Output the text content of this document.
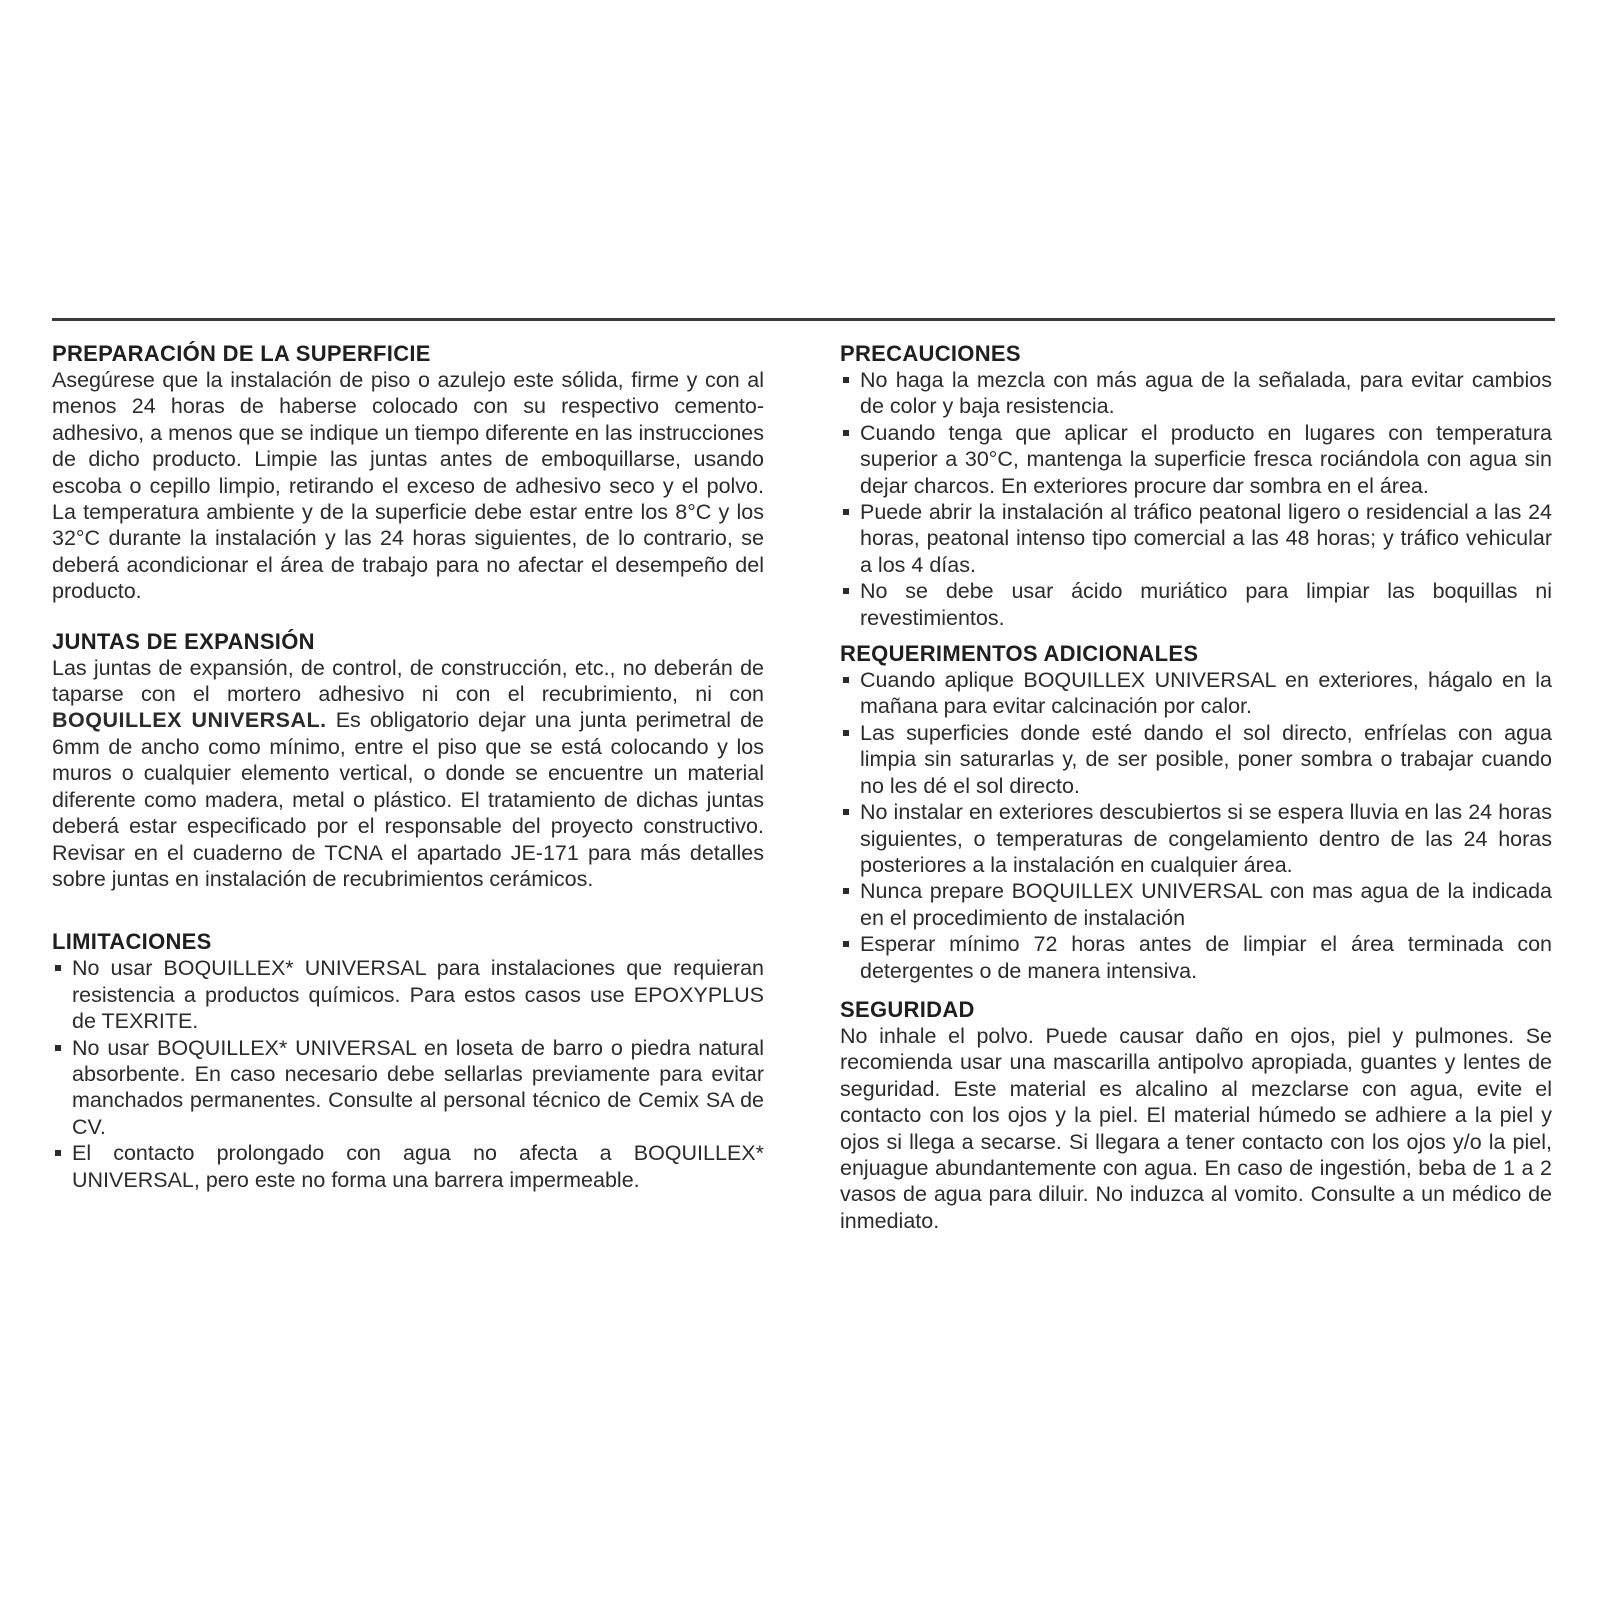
PREPARACIÓN DE LA SUPERFICIE

Asegúrese que la instalación de piso o azulejo este sólida, firme y con al menos 24 horas de haberse colocado con su respectivo cemento- adhesivo, a menos que se indique un tiempo diferente en las instrucciones de dicho producto. Limpie las juntas antes de emboquillarse, usando escoba o cepillo limpio, retirando el exceso de adhesivo seco y el polvo. La temperatura ambiente y de la superficie debe estar entre los 8°C y los 32°C durante la instalación y las 24 horas siguientes, de lo contrario, se deberá acondicionar el área de trabajo para no afectar el desempeño del producto.

JUNTAS DE EXPANSIÓN

Las juntas de expansión, de control, de construcción, etc., no deberán de taparse con el mortero adhesivo ni con el recubrimiento, ni con BOQUILLEX UNIVERSAL. Es obligatorio dejar una junta perimetral de 6mm de ancho como mínimo, entre el piso que se está colocando y los muros o cualquier elemento vertical, o donde se encuentre un material diferente como madera, metal o plástico. El tratamiento de dichas juntas deberá estar especificado por el responsable del proyecto constructivo. Revisar en el cuaderno de TCNA el apartado JE-171 para más detalles sobre juntas en instalación de recubrimientos cerámicos.

LIMITACIONES
No usar BOQUILLEX* UNIVERSAL para instalaciones que requieran resistencia a productos químicos. Para estos casos use EPOXYPLUS de TEXRITE.
No usar BOQUILLEX* UNIVERSAL en loseta de barro o piedra natural absorbente. En caso necesario debe sellarlas previamente para evitar manchados permanentes. Consulte al personal técnico de Cemix SA de CV.
El contacto prolongado con agua no afecta a BOQUILLEX* UNIVERSAL, pero este no forma una barrera impermeable.
PRECAUCIONES
No haga la mezcla con más agua de la señalada, para evitar cambios de color y baja resistencia.
Cuando tenga que aplicar el producto en lugares con temperatura superior a 30°C, mantenga la superficie fresca rociándola con agua sin dejar charcos. En exteriores procure dar sombra en el área.
Puede abrir la instalación al tráfico peatonal ligero o residencial a las 24 horas, peatonal intenso tipo comercial a las 48 horas; y tráfico vehicular a los 4 días.
No se debe usar ácido muriático para limpiar las boquillas ni revestimientos.
REQUERIMENTOS ADICIONALES
Cuando aplique BOQUILLEX UNIVERSAL en exteriores, hágalo en la mañana para evitar calcinación por calor.
Las superficies donde esté dando el sol directo, enfríelas con agua limpia sin saturarlas y, de ser posible, poner sombra o trabajar cuando no les dé el sol directo.
No instalar en exteriores descubiertos si se espera lluvia en las 24 horas siguientes, o temperaturas de congelamiento dentro de las 24 horas posteriores a la instalación en cualquier área.
Nunca prepare BOQUILLEX UNIVERSAL con mas agua de la indicada en el procedimiento de instalación
Esperar mínimo 72 horas antes de limpiar el área terminada con detergentes o de manera intensiva.
SEGURIDAD

No inhale el polvo. Puede causar daño en ojos, piel y pulmones. Se recomienda usar una mascarilla antipolvo apropiada, guantes y lentes de seguridad. Este material es alcalino al mezclarse con agua, evite el contacto con los ojos y la piel. El material húmedo se adhiere a la piel y ojos si llega a secarse. Si llegara a tener contacto con los ojos y/o la piel, enjuague abundantemente con agua. En caso de ingestión, beba de 1 a 2 vasos de agua para diluir. No induzca al vomito. Consulte a un médico de inmediato.
